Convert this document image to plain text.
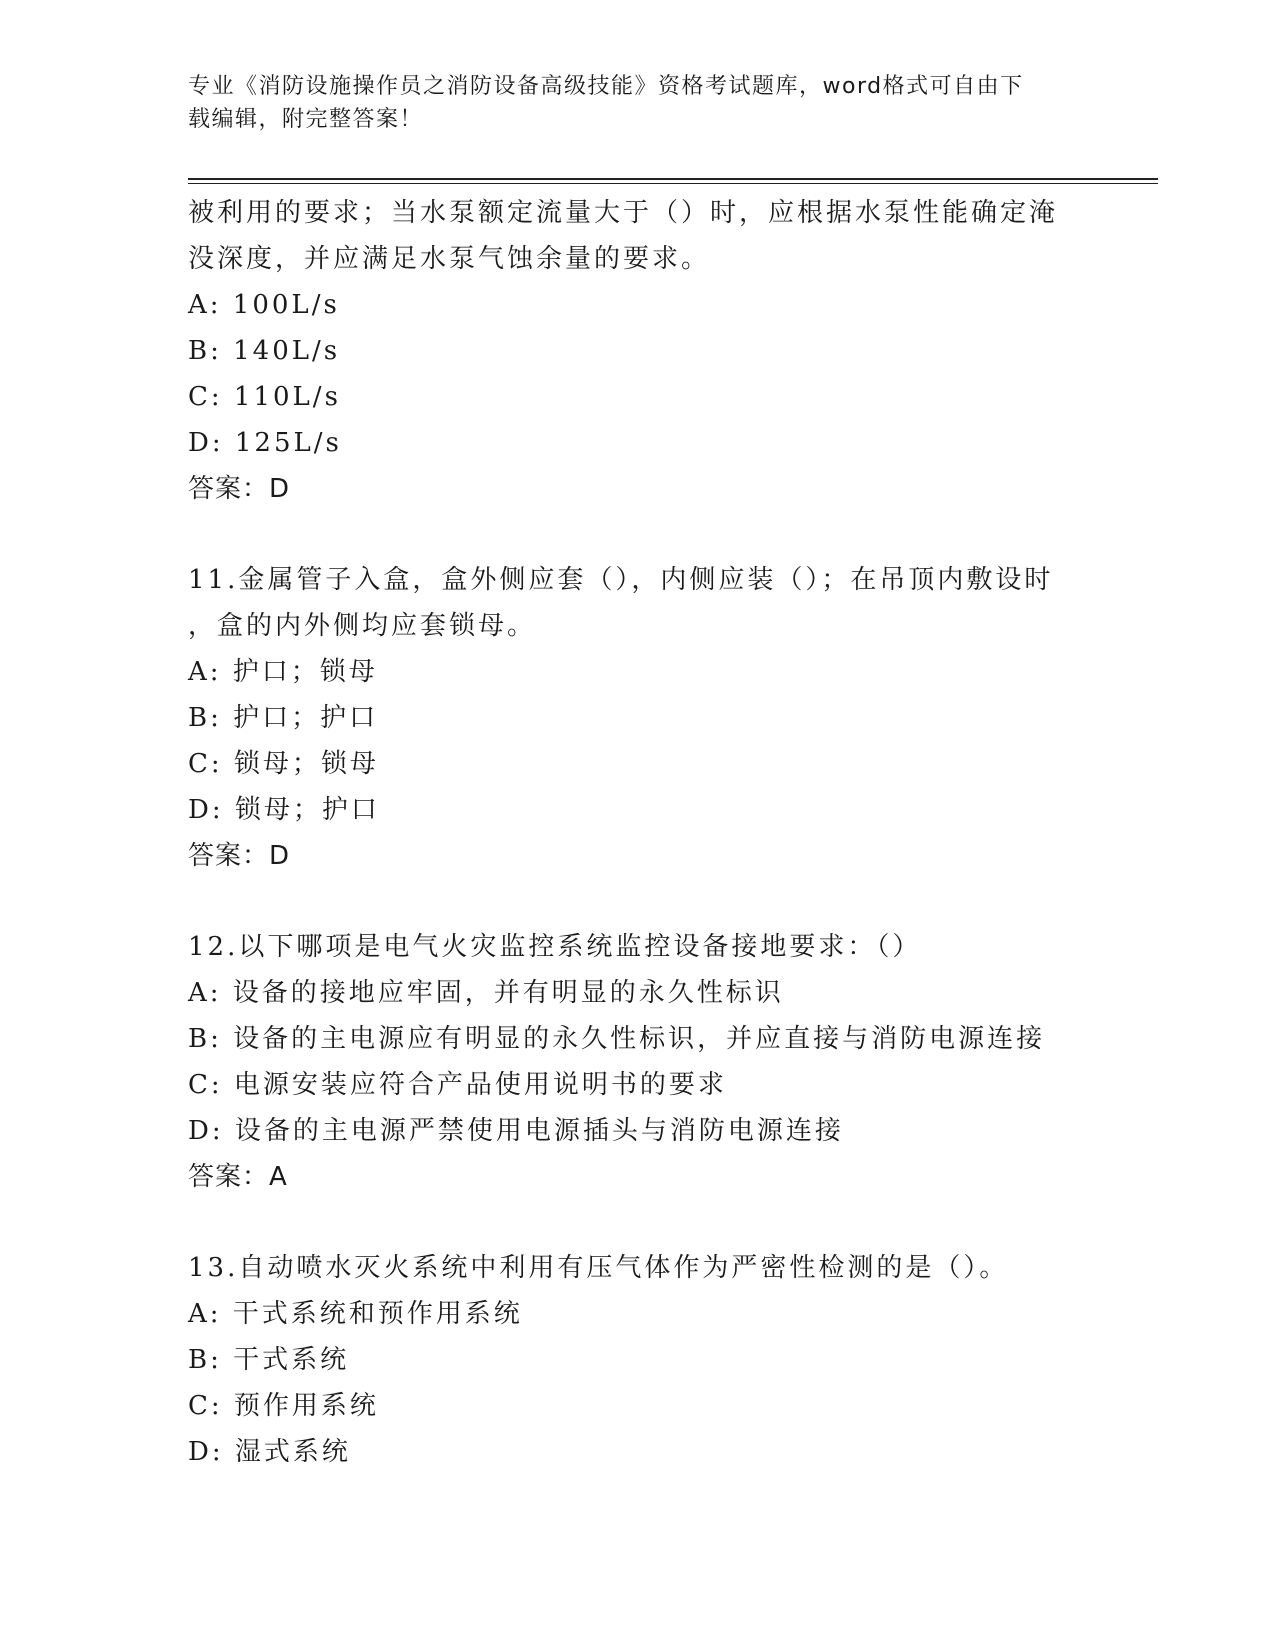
专业《消防设施操作员之消防设备高级技能》资格考试题库，word格式可自由下
载编辑，附完整答案！
被利用的要求；当水泵额定流量大于（）时，应根据水泵性能确定淹
没深度，并应满足水泵气蚀余量的要求。
A: 100L/s
B: 140L/s
C: 110L/s
D: 125L/s
答案：D
11.金属管子入盒，盒外侧应套（），内侧应装（）；在吊顶内敷设时
，盒的内外侧均应套锁母。
A: 护口；锁母
B: 护口；护口
C: 锁母；锁母
D: 锁母；护口
答案：D
12.以下哪项是电气火灾监控系统监控设备接地要求：（）
A: 设备的接地应牢固，并有明显的永久性标识
B: 设备的主电源应有明显的永久性标识，并应直接与消防电源连接
C: 电源安装应符合产品使用说明书的要求
D: 设备的主电源严禁使用电源插头与消防电源连接
答案：A
13.自动喷水灭火系统中利用有压气体作为严密性检测的是（）。
A: 干式系统和预作用系统
B: 干式系统
C: 预作用系统
D: 湿式系统
